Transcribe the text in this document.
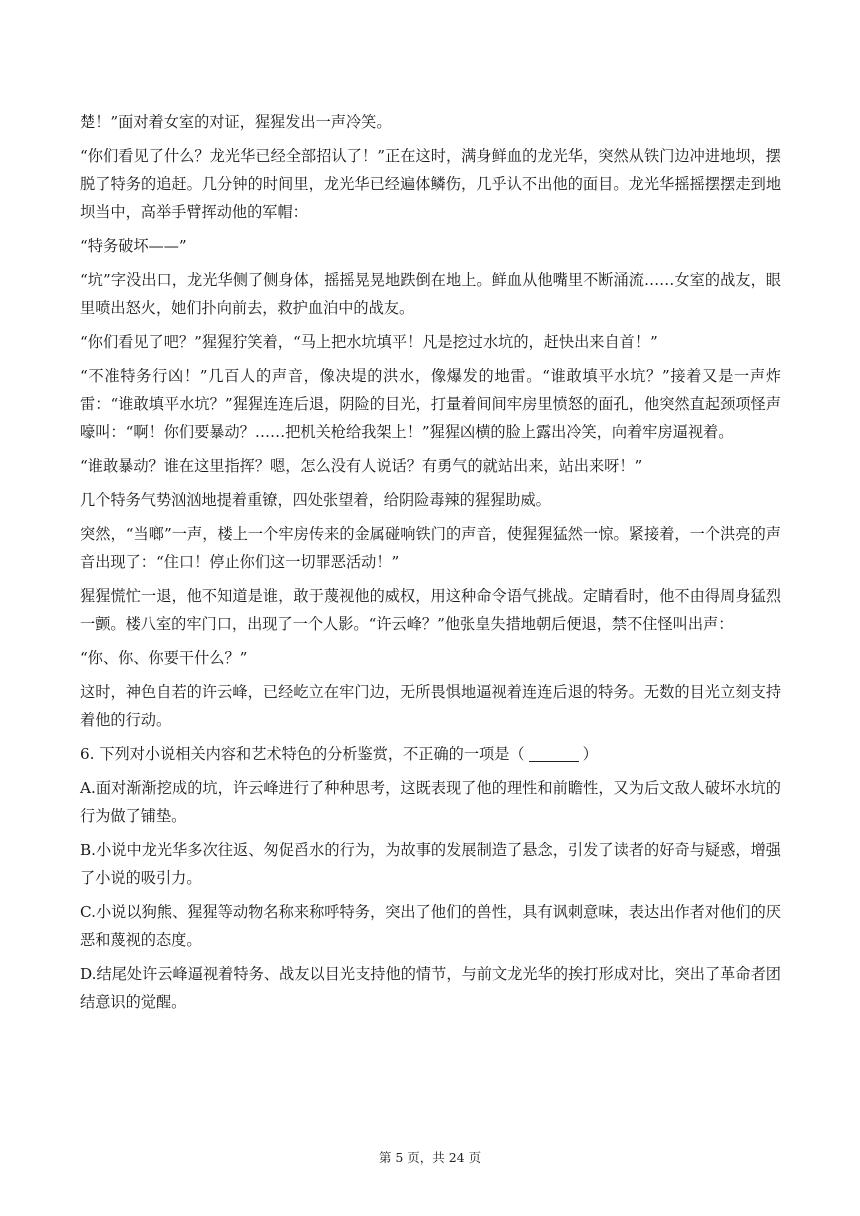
楚！”面对着女室的对证，猩猩发出一声冷笑。

“你们看见了什么？龙光华已经全部招认了！”正在这时，满身鲜血的龙光华，突然从铁门边冲进地坝，摆脱了特务的追赶。几分钟的时间里，龙光华已经遍体鳞伤，几乎认不出他的面目。龙光华摇摇摆摆走到地坝当中，高举手臂挥动他的军帽：

“特务破坏——”

“坑”字没出口，龙光华侧了侧身体，摇摇晃晃地跌倒在地上。鲜血从他嘴里不断涌流……女室的战友，眼里喷出怒火，她们扑向前去，救护血泊中的战友。

“你们看见了吧？”猩猩狞笑着，“马上把水坑填平！凡是挖过水坑的，赶快出来自首！”

“不准特务行凶！”几百人的声音，像决堤的洪水，像爆发的地雷。“谁敢填平水坑？”接着又是一声炸雷：“谁敢填平水坑？”猩猩连连后退，阴险的目光，打量着间间牢房里愤怒的面孔，他突然直起颈项怪声嚎叫：“啊！你们要暴动？……把机关枪给我架上！”猩猩凶横的脸上露出冷笑，向着牢房逼视着。

“谁敢暴动？谁在这里指挥？嗯，怎么没有人说话？有勇气的就站出来，站出来呀！”

几个特务气势汹汹地提着重镣，四处张望着，给阴险毒辣的猩猩助威。

突然，“当啷”一声，楼上一个牢房传来的金属碰响铁门的声音，使猩猩猛然一惊。紧接着，一个洪亮的声音出现了：“住口！停止你们这一切罪恶活动！”

猩猩慌忙一退，他不知道是谁，敢于蔑视他的威权，用这种命令语气挑战。定睛看时，他不由得周身猛烈一颤。楼八室的牢门口，出现了一个人影。“许云峰？”他张皇失措地朝后便退，禁不住怪叫出声：

“你、你、你要干什么？”

这时，神色自若的许云峰，已经屹立在牢门边，无所畏惧地逼视着连连后退的特务。无数的目光立刻支持着他的行动。

6. 下列对小说相关内容和艺术特色的分析鉴赏，不正确的一项是（	）

A.面对渐渐挖成的坑，许云峰进行了种种思考，这既表现了他的理性和前瞻性，又为后文敌人破坏水坑的行为做了铺垫。

B.小说中龙光华多次往返、匆促舀水的行为，为故事的发展制造了悬念，引发了读者的好奇与疑惑，增强了小说的吸引力。

C.小说以狗熊、猩猩等动物名称来称呼特务，突出了他们的兽性，具有讽刺意味，表达出作者对他们的厌恶和蔑视的态度。

D.结尾处许云峰逼视着特务、战友以目光支持他的情节，与前文龙光华的挨打形成对比，突出了革命者团结意识的觉醒。

第 5 页，共 24 页
